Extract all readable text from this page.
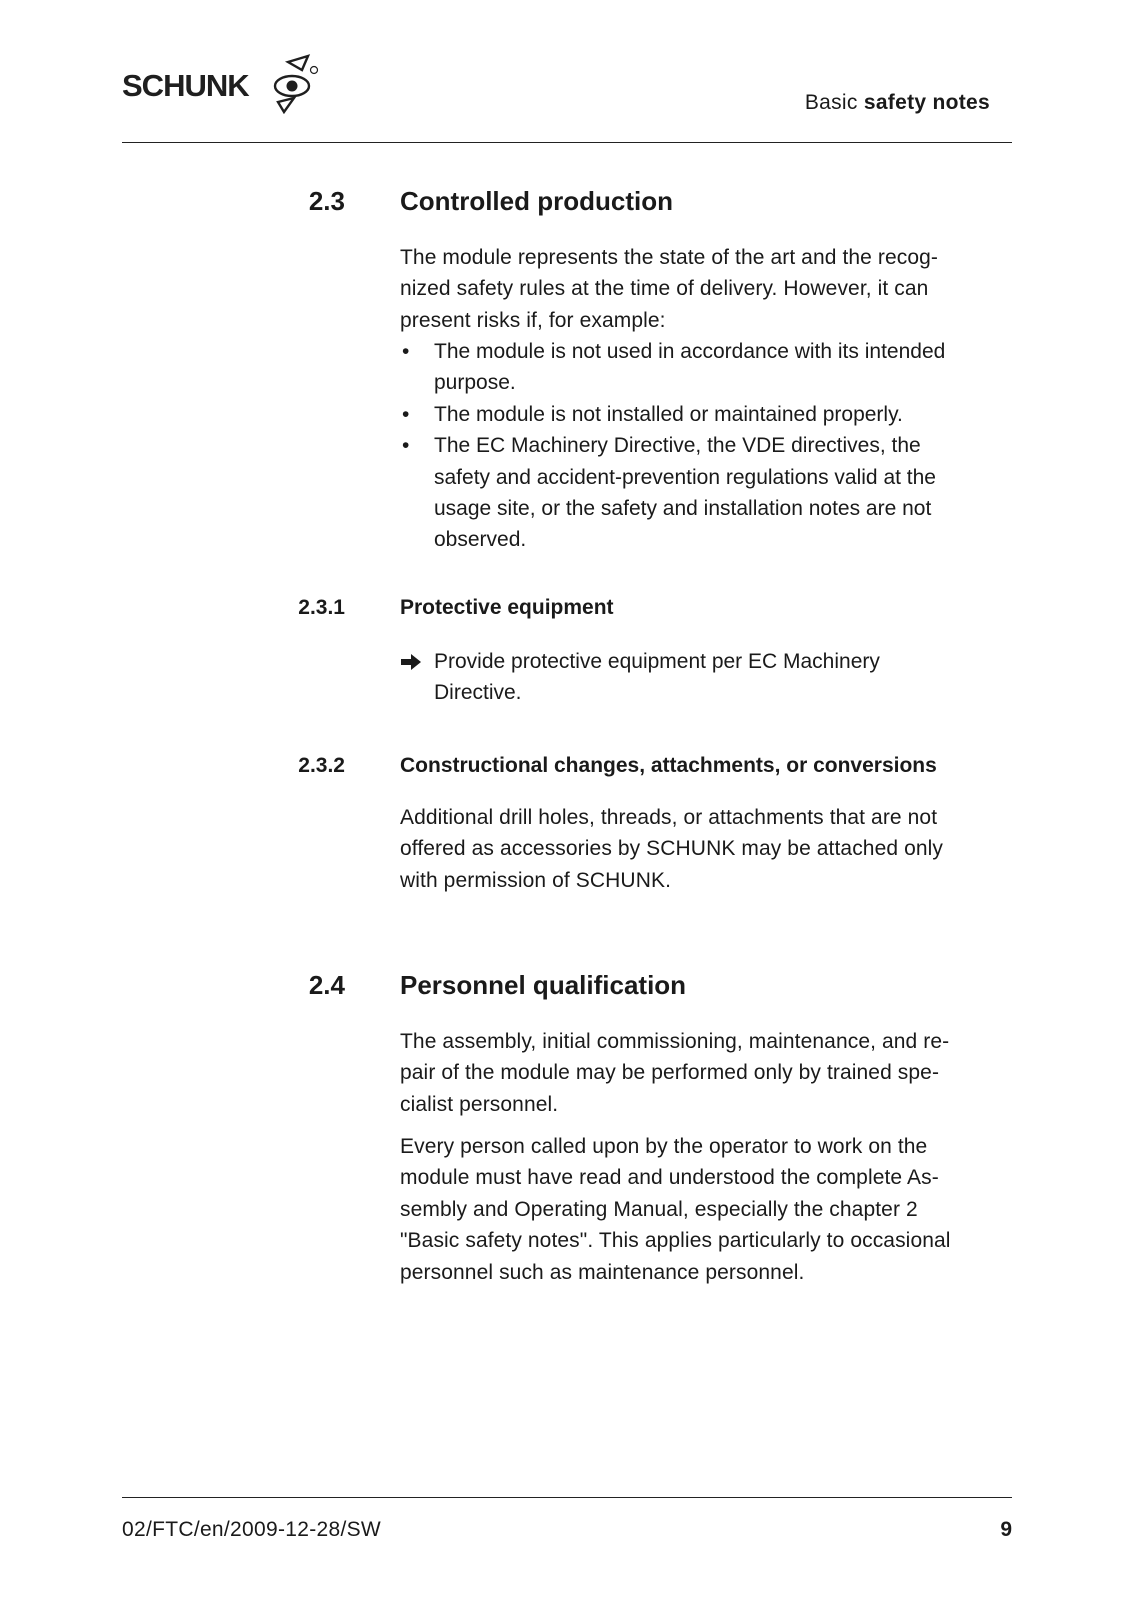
SCHUNK	Basic safety notes
2.3 Controlled production
The module represents the state of the art and the recog-
nized safety rules at the time of delivery. However, it can
present risks if, for example:
• The module is not used in accordance with its intended
purpose.
• The module is not installed or maintained properly.
• The EC Machinery Directive, the VDE directives, the
safety and accident-prevention regulations valid at the
usage site, or the safety and installation notes are not
observed.
2.3.1	Protective equipment
Provide protective equipment per EC Machinery
Directive.
2.3.2	Constructional changes, attachments, or conversions
Additional drill holes, threads, or attachments that are not
offered as accessories by SCHUNK may be attached only
with permission of SCHUNK.
2.4 Personnel qualification
The assembly, initial commissioning, maintenance, and re-
pair of the module may be performed only by trained spe-
cialist personnel.
Every person called upon by the operator to work on the
module must have read and understood the complete As-
sembly and Operating Manual, especially the chapter 2
"Basic safety notes". This applies particularly to occasional
personnel such as maintenance personnel.
02/FTC/en/2009-12-28/SW	9
